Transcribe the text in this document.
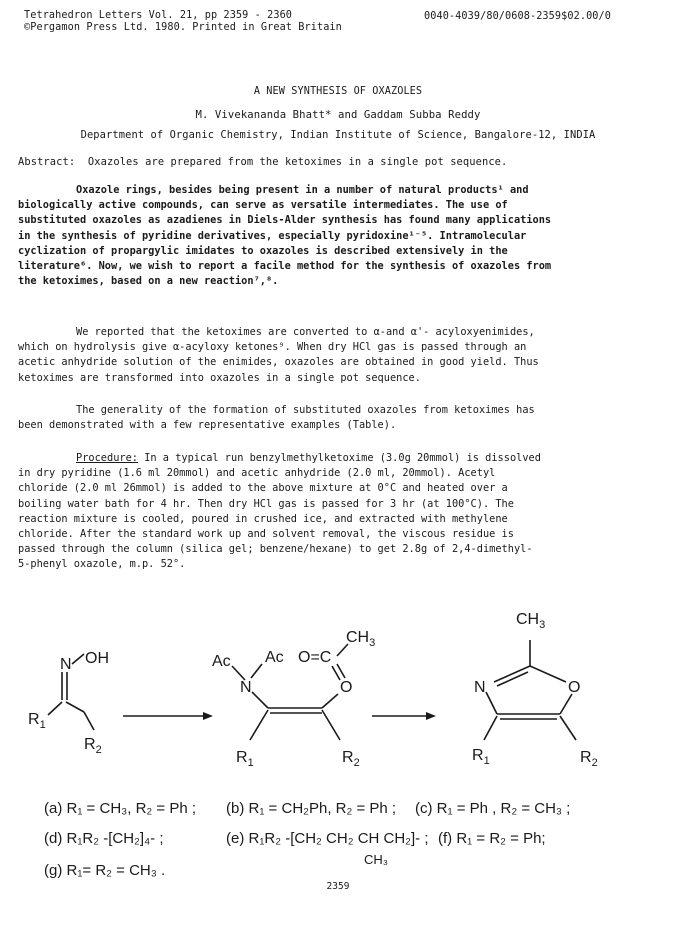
Tetrahedron Letters Vol. 21, pp 2359 - 2360
©Pergamon Press Ltd. 1980. Printed in Great Britain
0040-4039/80/0608-2359$02.00/0
A NEW SYNTHESIS OF OXAZOLES
M. Vivekananda Bhatt* and Gaddam Subba Reddy
Department of Organic Chemistry, Indian Institute of Science, Bangalore-12, INDIA
Abstract: Oxazoles are prepared from the ketoximes in a single pot sequence.
Oxazole rings, besides being present in a number of natural products¹ and
biologically active compounds, can serve as versatile intermediates. The use of
substituted oxazoles as azadienes in Diels-Alder synthesis has found many applications
in the synthesis of pyridine derivatives, especially pyridoxine¹⁻⁵. Intramolecular
cyclization of propargylic imidates to oxazoles is described extensively in the
literature⁶. Now, we wish to report a facile method for the synthesis of oxazoles from
the ketoximes, based on a new reaction⁷,⁸.
We reported that the ketoximes are converted to α-and α'- acyloxyenimides,
which on hydrolysis give α-acyloxy ketones⁹. When dry HCl gas is passed through an
acetic anhydride solution of the enimides, oxazoles are obtained in good yield. Thus
ketoximes are transformed into oxazoles in a single pot sequence.
The generality of the formation of substituted oxazoles from ketoximes has
been demonstrated with a few representative examples (Table).
Procedure: In a typical run benzylmethylketoxime (3.0g 20mmol) is dissolved
in dry pyridine (1.6 ml 20mmol) and acetic anhydride (2.0 ml, 20mmol). Acetyl
chloride (2.0 ml 26mmol) is added to the above mixture at 0°C and heated over a
boiling water bath for 4 hr. Then dry HCl gas is passed for 3 hr (at 100°C). The
reaction mixture is cooled, poured in crushed ice, and extracted with methylene
chloride. After the standard work up and solvent removal, the viscous residue is
passed through the column (silica gel; benzene/hexane) to get 2.8g of 2,4-dimethyl-
5-phenyl oxazole, m.p. 52°.
N OH
$R_1$
$R_2$
Ac Ac
N
O=C
$CH_3$
O
$R_1$	$R_2$
$CH_3$
N	O
$R_1$	$R_2$
(a) R₁ = CH₃, R₂ = Ph ; (b) R₁ = CH₂Ph, R₂ = Ph ; (c) R₁ = Ph , R₂ = CH₃ ;
(d) R₁R₂ -[CH₂]₄- ;	(e) R₁R₂ -[CH₂ CH₂ CH CH₂]- ; (f) R₁ = R₂ = Ph;
CH₃
(g) R₁= R₂ = CH₃ .
2359
